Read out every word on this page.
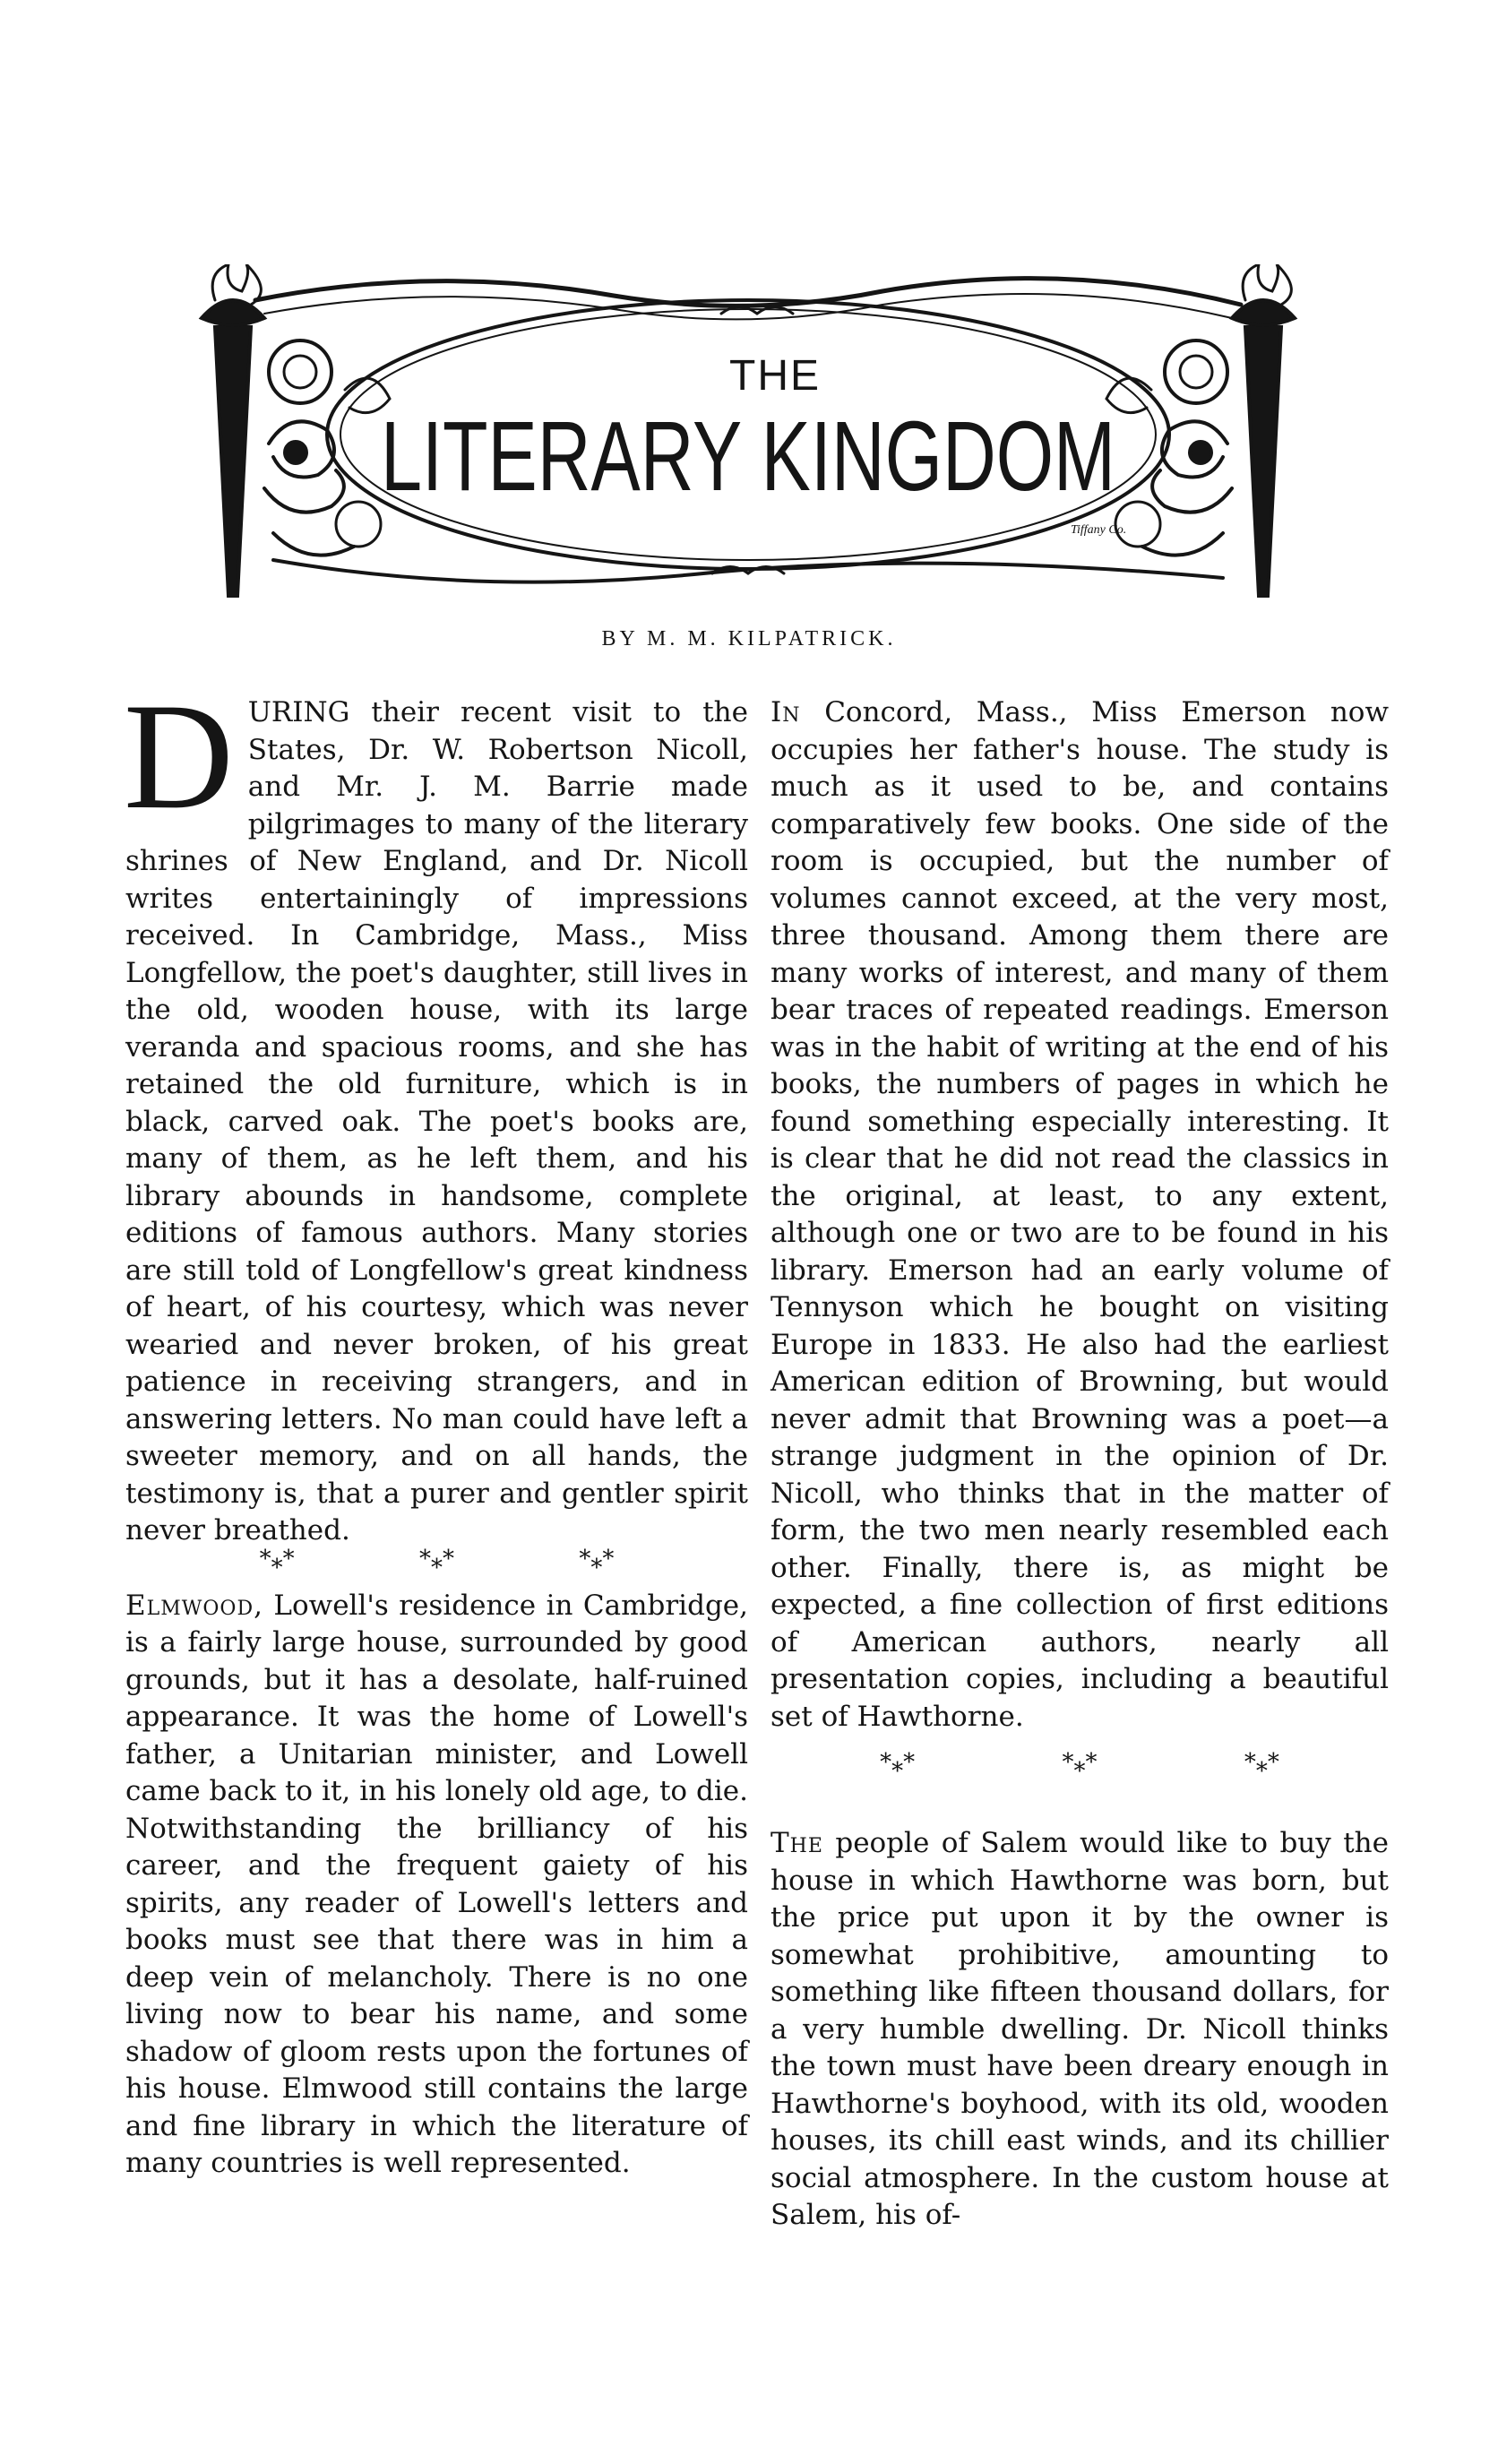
THE
LITERARY KINGDOM
Tiffany Co.
BY M. M. KILPATRICK.

DURING their recent visit to the States, Dr. W. Robertson Nicoll, and Mr. J. M. Barrie made pilgrimages to many of the literary shrines of New England, and Dr. Nicoll writes entertainingly of impressions received. In Cambridge, Mass., Miss Longfellow, the poet's daughter, still lives in the old, wooden house, with its large veranda and spacious rooms, and she has retained the old furniture, which is in black, carved oak. The poet's books are, many of them, as he left them, and his library abounds in handsome, complete editions of famous authors. Many stories are still told of Longfellow's great kindness of heart, of his courtesy, which was never wearied and never broken, of his great patience in receiving strangers, and in answering letters. No man could have left a sweeter memory, and on all hands, the testimony is, that a purer and gentler spirit never breathed.

$*_**$	$*_**$	$*_**$

Elmwood, Lowell's residence in Cambridge, is a fairly large house, surrounded by good grounds, but it has a desolate, half-ruined appearance. It was the home of Lowell's father, a Unitarian minister, and Lowell came back to it, in his lonely old age, to die. Notwithstanding the brilliancy of his career, and the frequent gaiety of his spirits, any reader of Lowell's letters and books must see that there was in him a deep vein of melancholy. There is no one living now to bear his name, and some shadow of gloom rests upon the fortunes of his house. Elmwood still contains the large and fine library in which the literature of many countries is well represented.

In Concord, Mass., Miss Emerson now occupies her father's house. The study is much as it used to be, and contains comparatively few books. One side of the room is occupied, but the number of volumes cannot exceed, at the very most, three thousand. Among them there are many works of interest, and many of them bear traces of repeated readings. Emerson was in the habit of writing at the end of his books, the numbers of pages in which he found something especially interesting. It is clear that he did not read the classics in the original, at least, to any extent, although one or two are to be found in his library. Emerson had an early volume of Tennyson which he bought on visiting Europe in 1833. He also had the earliest American edition of Browning, but would never admit that Browning was a poet—a strange judgment in the opinion of Dr. Nicoll, who thinks that in the matter of form, the two men nearly resembled each other. Finally, there is, as might be expected, a fine collection of first editions of American authors, nearly all presentation copies, including a beautiful set of Hawthorne.

$*_**$	$*_**$	$*_**$

The people of Salem would like to buy the house in which Hawthorne was born, but the price put upon it by the owner is somewhat prohibitive, amounting to something like fifteen thousand dollars, for a very humble dwelling. Dr. Nicoll thinks the town must have been dreary enough in Hawthorne's boyhood, with its old, wooden houses, its chill east winds, and its chillier social atmosphere. In the custom house at Salem, his of-
